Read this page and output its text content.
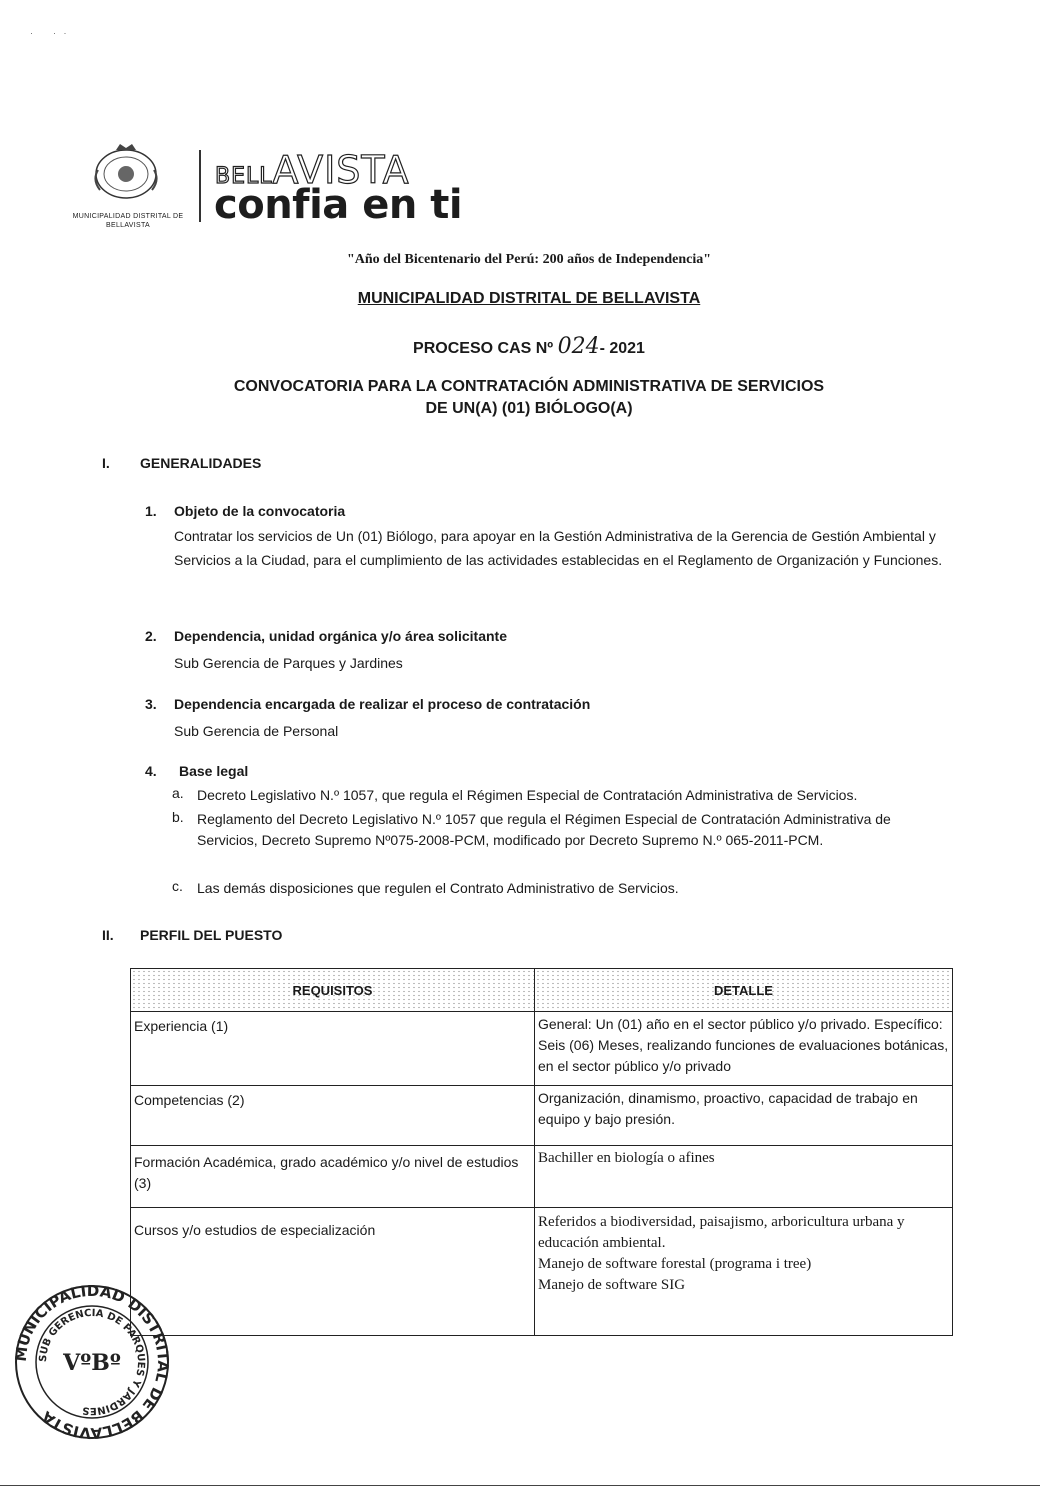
·        ·   ·
MUNICIPALIDAD DISTRITAL DE BELLAVISTA
BELLAVISTA
confia en ti
"Año del Bicentenario del Perú: 200 años de Independencia"
MUNICIPALIDAD DISTRITAL DE BELLAVISTA
PROCESO CAS Nº 024- 2021
CONVOCATORIA PARA LA CONTRATACIÓN ADMINISTRATIVA DE SERVICIOS
DE UN(A) (01) BIÓLOGO(A)
I. GENERALIDADES
1. Objeto de la convocatoria
Contratar los servicios de Un (01) Biólogo, para apoyar en la Gestión Administrativa de la Gerencia de Gestión Ambiental y Servicios a la Ciudad, para el cumplimiento de las actividades establecidas en el Reglamento de Organización y Funciones.
2. Dependencia, unidad orgánica y/o área solicitante
Sub Gerencia de Parques y Jardines
3. Dependencia encargada de realizar el proceso de contratación
Sub Gerencia de Personal
4. Base legal
a. Decreto Legislativo N.º 1057, que regula el Régimen Especial de Contratación Administrativa de Servicios.
b. Reglamento del Decreto Legislativo N.º 1057 que regula el Régimen Especial de Contratación Administrativa de Servicios, Decreto Supremo Nº075-2008-PCM, modificado por Decreto Supremo N.º 065-2011-PCM.
c. Las demás disposiciones que regulen el Contrato Administrativo de Servicios.
II. PERFIL DEL PUESTO
REQUISITOS	DETALLE
Experiencia (1)	General: Un (01) año en el sector público y/o privado. Específico: Seis (06) Meses, realizando funciones de evaluaciones botánicas, en el sector público y/o privado
Competencias (2)	Organización, dinamismo, proactivo, capacidad de trabajo en equipo y bajo presión.
Formación Académica, grado académico y/o nivel de estudios (3)	Bachiller en biología o afines
Cursos y/o estudios de especialización	Referidos a biodiversidad, paisajismo, arboricultura urbana y educación ambiental.
Manejo de software forestal (programa i tree)
Manejo de software SIG
MUNICIPALIDAD DISTRITAL DE BELLAVISTA
SUB GERENCIA DE PARQUES Y JARDINES
VºBº
